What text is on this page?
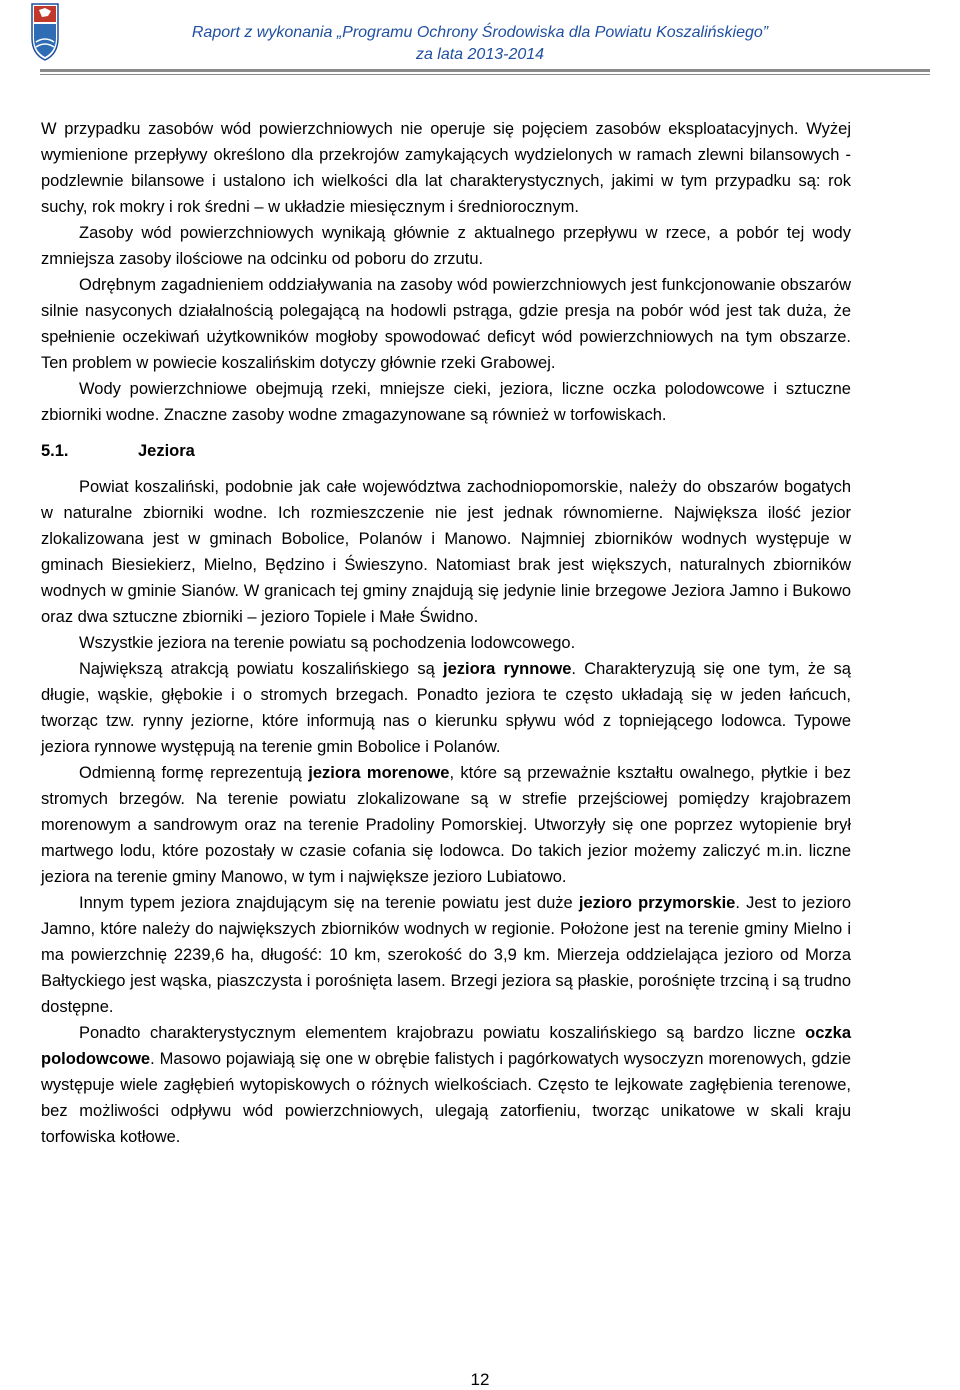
Raport z wykonania „Programu Ochrony Środowiska dla Powiatu Koszalińskiego”
za lata 2013-2014

W przypadku zasobów wód powierzchniowych nie operuje się pojęciem zasobów eksploatacyjnych. Wyżej wymienione przepływy określono dla przekrojów zamykających wydzielonych w ramach zlewni bilansowych - podzlewnie bilansowe i ustalono ich wielkości dla lat charakterystycznych, jakimi w tym przypadku są: rok suchy, rok mokry i rok średni – w układzie miesięcznym i średniorocznym.

Zasoby wód powierzchniowych wynikają głównie z aktualnego przepływu w rzece, a pobór tej wody zmniejsza zasoby ilościowe na odcinku od poboru do zrzutu.

Odrębnym zagadnieniem oddziaływania na zasoby wód powierzchniowych jest funkcjonowanie obszarów silnie nasyconych działalnością polegającą na hodowli pstrąga, gdzie presja na pobór wód jest tak duża, że spełnienie oczekiwań użytkowników mogłoby spowodować deficyt wód powierzchniowych na tym obszarze. Ten problem w powiecie koszalińskim dotyczy głównie rzeki Grabowej.

Wody powierzchniowe obejmują rzeki, mniejsze cieki, jeziora, liczne oczka polodowcowe i sztuczne zbiorniki wodne. Znaczne zasoby wodne zmagazynowane są również w torfowiskach.

5.1.	Jeziora

Powiat koszaliński, podobnie jak całe województwa zachodniopomorskie, należy do obszarów bogatych w naturalne zbiorniki wodne. Ich rozmieszczenie nie jest jednak równomierne. Największa ilość jezior zlokalizowana jest w gminach Bobolice, Polanów i Manowo. Najmniej zbiorników wodnych występuje w gminach Biesiekierz, Mielno, Będzino i Świeszyno. Natomiast brak jest większych, naturalnych zbiorników wodnych w gminie Sianów. W granicach tej gminy znajdują się jedynie linie brzegowe Jeziora Jamno i Bukowo oraz dwa sztuczne zbiorniki – jezioro Topiele i Małe Świdno.

Wszystkie jeziora na terenie powiatu są pochodzenia lodowcowego.

Największą atrakcją powiatu koszalińskiego są jeziora rynnowe. Charakteryzują się one tym, że są długie, wąskie, głębokie i o stromych brzegach. Ponadto jeziora te często układają się w jeden łańcuch, tworząc tzw. rynny jeziorne, które informują nas o kierunku spływu wód z topniejącego lodowca. Typowe jeziora rynnowe występują na terenie gmin Bobolice i Polanów.

Odmienną formę reprezentują jeziora morenowe, które są przeważnie kształtu owalnego, płytkie i bez stromych brzegów. Na terenie powiatu zlokalizowane są w strefie przejściowej pomiędzy krajobrazem morenowym a sandrowym oraz na terenie Pradoliny Pomorskiej. Utworzyły się one poprzez wytopienie brył martwego lodu, które pozostały w czasie cofania się lodowca. Do takich jezior możemy zaliczyć m.in. liczne jeziora na terenie gminy Manowo, w tym i największe jezioro Lubiatowo.

Innym typem jeziora znajdującym się na terenie powiatu jest duże jezioro przymorskie. Jest to jezioro Jamno, które należy do największych zbiorników wodnych w regionie. Położone jest na terenie gminy Mielno i ma powierzchnię 2239,6 ha, długość: 10 km, szerokość do 3,9 km. Mierzeja oddzielająca jezioro od Morza Bałtyckiego jest wąska, piaszczysta i porośnięta lasem. Brzegi jeziora są płaskie, porośnięte trzciną i są trudno dostępne.

Ponadto charakterystycznym elementem krajobrazu powiatu koszalińskiego są bardzo liczne oczka polodowcowe. Masowo pojawiają się one w obrębie falistych i pagórkowatych wysoczyzn morenowych, gdzie występuje wiele zagłębień wytopiskowych o różnych wielkościach. Często te lejkowate zagłębienia terenowe, bez możliwości odpływu wód powierzchniowych, ulegają zatorfieniu, tworząc unikatowe w skali kraju torfowiska kotłowe.

12
